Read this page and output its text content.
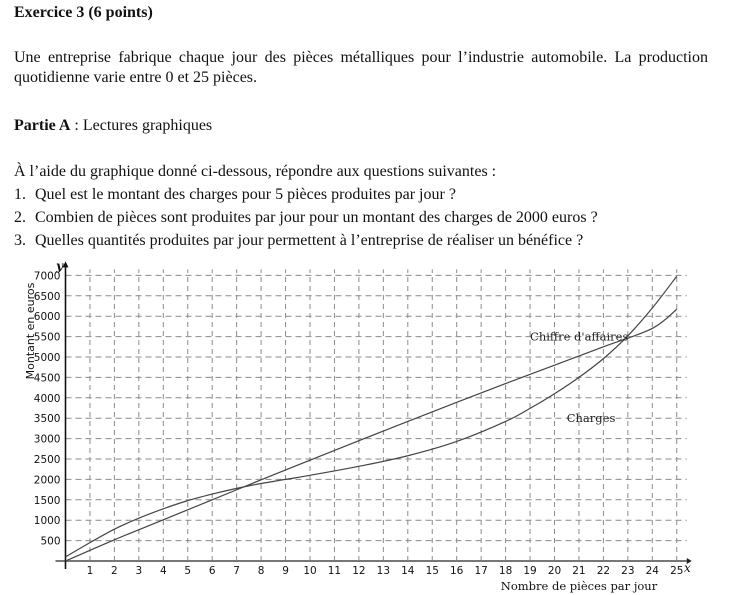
Exercice 3 (6 points)
Une entreprise fabrique chaque jour des pièces métalliques pour l’industrie automobile. La production quotidienne varie entre 0 et 25 pièces.
Partie A : Lectures graphiques
À l’aide du graphique donné ci-dessous, répondre aux questions suivantes :
1. Quel est le montant des charges pour 5 pièces produites par jour ?
2. Combien de pièces sont produites par jour pour un montant des charges de 2000 euros ?
3. Quelles quantités produites par jour permettent à l’entreprise de réaliser un bénéfice ?
1 2 3 4 5 6 7 8 9 10 11 12 13 14 15 16 17 18 19 20 21 22 23 24 25
500
1000
1500
2000
2500
3000
3500
4000
4500
5000
5500
6000
6500
7000
Chiffre d'affaires
Charges
Montant en euros
Nombre de pièces par jour
y
x
